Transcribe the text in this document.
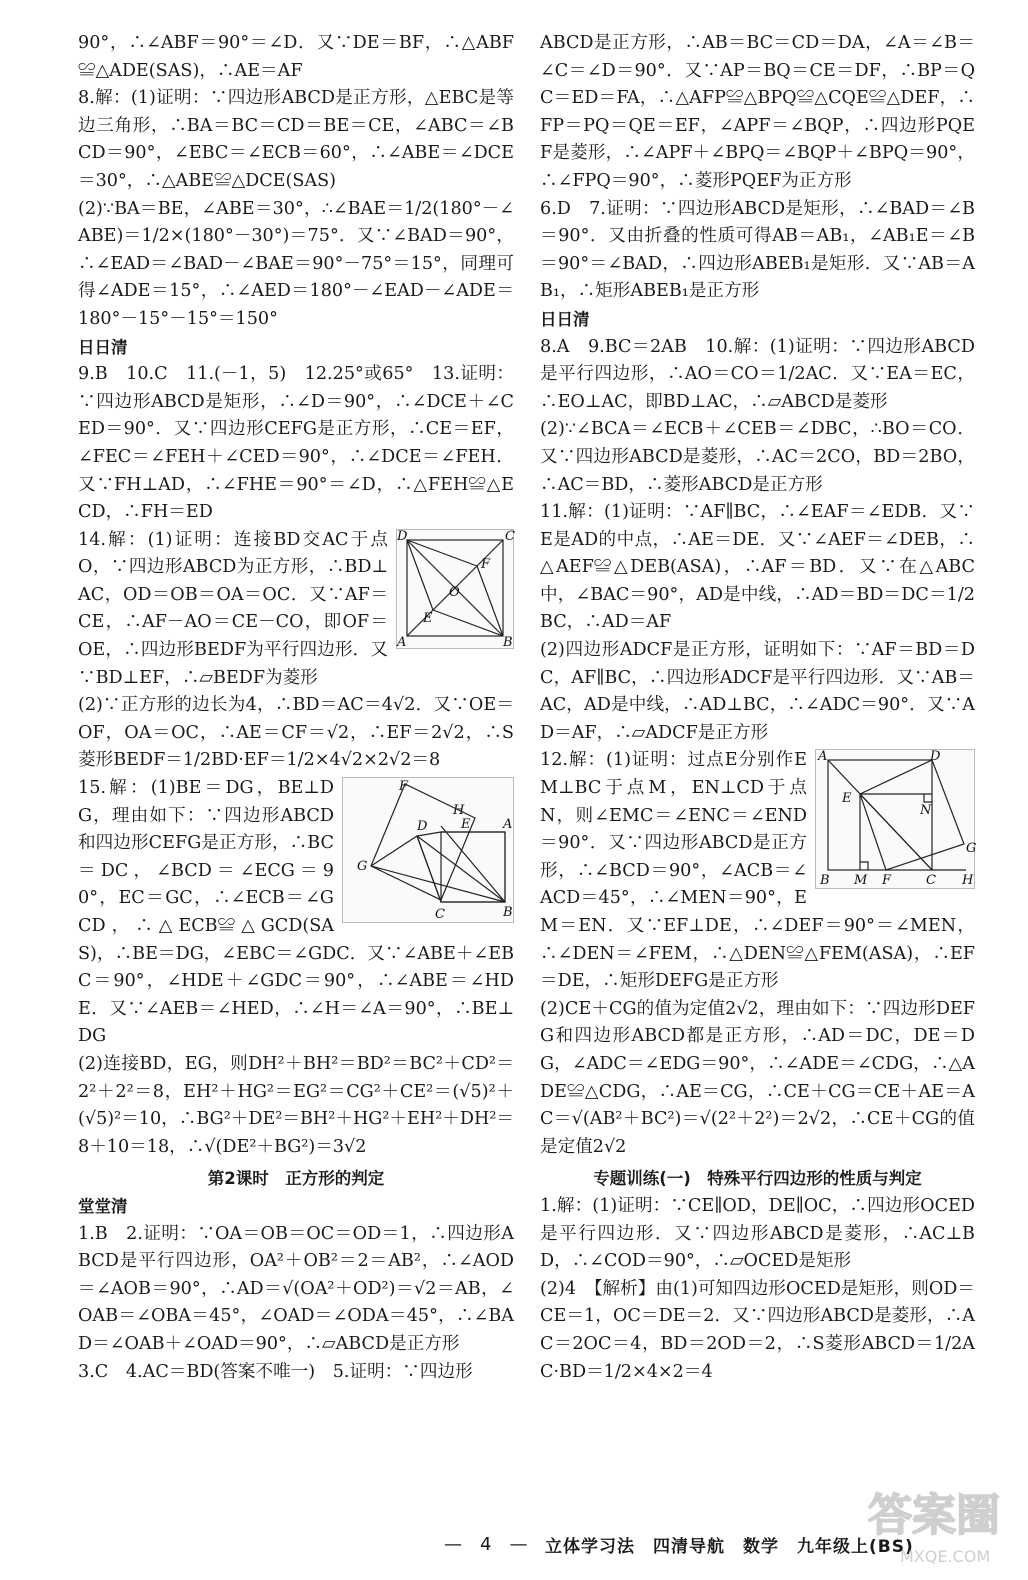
90°，∴∠ABF＝90°＝∠D．又∵DE＝BF，∴△ABF≌△ADE(SAS)，∴AE＝AF

8.解：(1)证明：∵四边形ABCD是正方形，△EBC是等边三角形，∴BA＝BC＝CD＝BE＝CE，∠ABC＝∠BCD＝90°，∠EBC＝∠ECB＝60°，∴∠ABE＝∠DCE＝30°，∴△ABE≌△DCE(SAS)

(2)∵BA＝BE，∠ABE＝30°，∴∠BAE＝1/2(180°－∠ABE)＝1/2×(180°－30°)＝75°．又∵∠BAD＝90°，∴∠EAD＝∠BAD－∠BAE＝90°－75°＝15°，同理可得∠ADE＝15°，∴∠AED＝180°－∠EAD－∠ADE＝180°－15°－15°＝150°

日日清

9.B　10.C　11.(－1，5)　12.25°或65°　13.证明：∵四边形ABCD是矩形，∴∠D＝90°，∴∠DCE＋∠CED＝90°．又∵四边形CEFG是正方形，∴CE＝EF，∠FEC＝∠FEH＋∠CED＝90°，∴∠DCE＝∠FEH．又∵FH⊥AD，∴∠FHE＝90°＝∠D，∴△FEH≌△ECD，∴FH＝ED

D	C
F
O
E
A	B

14.解：(1)证明：连接BD交AC于点O，∵四边形ABCD为正方形，∴BD⊥AC，OD＝OB＝OA＝OC．又∵AF＝CE，∴AF－AO＝CE－CO，即OF＝OE，∴四边形BEDF为平行四边形．又∵BD⊥EF，∴▱BEDF为菱形

(2)∵正方形的边长为4，∴BD＝AC＝4√2．又∵OE＝OF，OA＝OC，∴AE＝CF＝√2，∴EF＝2√2，∴S菱形BEDF＝1/2BD·EF＝1/2×4√2×2√2＝8

F
H
E
D	A
G
C	B

15.解：(1)BE＝DG，BE⊥DG，理由如下：∵四边形ABCD和四边形CEFG是正方形，∴BC＝DC，∠BCD＝∠ECG＝90°，EC＝GC，∴∠ECB＝∠GCD，∴△ECB≌△GCD(SAS)，∴BE＝DG，∠EBC＝∠GDC．又∵∠ABE＋∠EBC＝90°，∠HDE＋∠GDC＝90°，∴∠ABE＝∠HDE．又∵∠AEB＝∠HED，∴∠H＝∠A＝90°，∴BE⊥DG

(2)连接BD，EG，则DH²＋BH²＝BD²＝BC²＋CD²＝2²＋2²＝8，EH²＋HG²＝EG²＝CG²＋CE²＝(√5)²＋(√5)²＝10，∴BG²＋DE²＝BH²＋HG²＋EH²＋DH²＝8＋10＝18，∴√(DE²＋BG²)＝3√2

第2课时　正方形的判定

堂堂清

1.B　2.证明：∵OA＝OB＝OC＝OD＝1，∴四边形ABCD是平行四边形，OA²＋OB²＝2＝AB²，∴∠AOD＝∠AOB＝90°，∴AD＝√(OA²＋OD²)＝√2＝AB，∠OAB＝∠OBA＝45°，∠OAD＝∠ODA＝45°，∴∠BAD＝∠OAB＋∠OAD＝90°，∴▱ABCD是正方形

3.C　4.AC＝BD(答案不唯一)　5.证明：∵四边形

ABCD是正方形，∴AB＝BC＝CD＝DA，∠A＝∠B＝∠C＝∠D＝90°．又∵AP＝BQ＝CE＝DF，∴BP＝QC＝ED＝FA，∴△AFP≌△BPQ≌△CQE≌△DEF，∴FP＝PQ＝QE＝EF，∠APF＝∠BQP，∴四边形PQEF是菱形，∴∠APF＋∠BPQ＝∠BQP＋∠BPQ＝90°，∴∠FPQ＝90°，∴菱形PQEF为正方形

6.D　7.证明：∵四边形ABCD是矩形，∴∠BAD＝∠B＝90°．又由折叠的性质可得AB＝AB₁，∠AB₁E＝∠B＝90°＝∠BAD，∴四边形ABEB₁是矩形．又∵AB＝AB₁，∴矩形ABEB₁是正方形

日日清

8.A　9.BC＝2AB　10.解：(1)证明：∵四边形ABCD是平行四边形，∴AO＝CO＝1/2AC．又∵EA＝EC，∴EO⊥AC，即BD⊥AC，∴▱ABCD是菱形

(2)∵∠BCA＝∠ECB＋∠CEB＝∠DBC，∴BO＝CO．又∵四边形ABCD是菱形，∴AC＝2CO，BD＝2BO，∴AC＝BD，∴菱形ABCD是正方形

11.解：(1)证明：∵AF∥BC，∴∠EAF＝∠EDB．又∵E是AD的中点，∴AE＝DE．又∵∠AEF＝∠DEB，∴△AEF≌△DEB(ASA)，∴AF＝BD．又∵在△ABC中，∠BAC＝90°，AD是中线，∴AD＝BD＝DC＝1/2BC，∴AD＝AF

(2)四边形ADCF是正方形，证明如下：∵AF＝BD＝DC，AF∥BC，∴四边形ADCF是平行四边形．又∵AB＝AC，AD是中线，∴AD⊥BC，∴∠ADC＝90°．又∵AD＝AF，∴▱ADCF是正方形

A	D
E
N
G
B M F	C H

12.解：(1)证明：过点E分别作EM⊥BC于点M，EN⊥CD于点N，则∠EMC＝∠ENC＝∠END＝90°．又∵四边形ABCD是正方形，∴∠BCD＝90°，∠ACB＝∠ACD＝45°，∴∠MEN＝90°，EM＝EN．又∵EF⊥DE，∴∠DEF＝90°＝∠MEN，∴∠DEN＝∠FEM，∴△DEN≌△FEM(ASA)，∴EF＝DE，∴矩形DEFG是正方形

(2)CE＋CG的值为定值2√2，理由如下：∵四边形DEFG和四边形ABCD都是正方形，∴AD＝DC，DE＝DG，∠ADC＝∠EDG＝90°，∴∠ADE＝∠CDG，∴△ADE≌△CDG，∴AE＝CG，∴CE＋CG＝CE＋AE＝AC＝√(AB²＋BC²)＝√(2²＋2²)＝2√2，∴CE＋CG的值是定值2√2

专题训练(一)　特殊平行四边形的性质与判定

1.解：(1)证明：∵CE∥OD，DE∥OC，∴四边形OCED是平行四边形．又∵四边形ABCD是菱形，∴AC⊥BD，∴∠COD＝90°，∴▱OCED是矩形

(2)4　【解析】由(1)可知四边形OCED是矩形，则OD＝CE＝1，OC＝DE＝2．又∵四边形ABCD是菱形，∴AC＝2OC＝4，BD＝2OD＝2，∴S菱形ABCD＝1/2AC·BD＝1/2×4×2＝4

—　4　— 立体学习法　四清导航　数学　九年级上(BS)
答案圈
MXQE.COM
